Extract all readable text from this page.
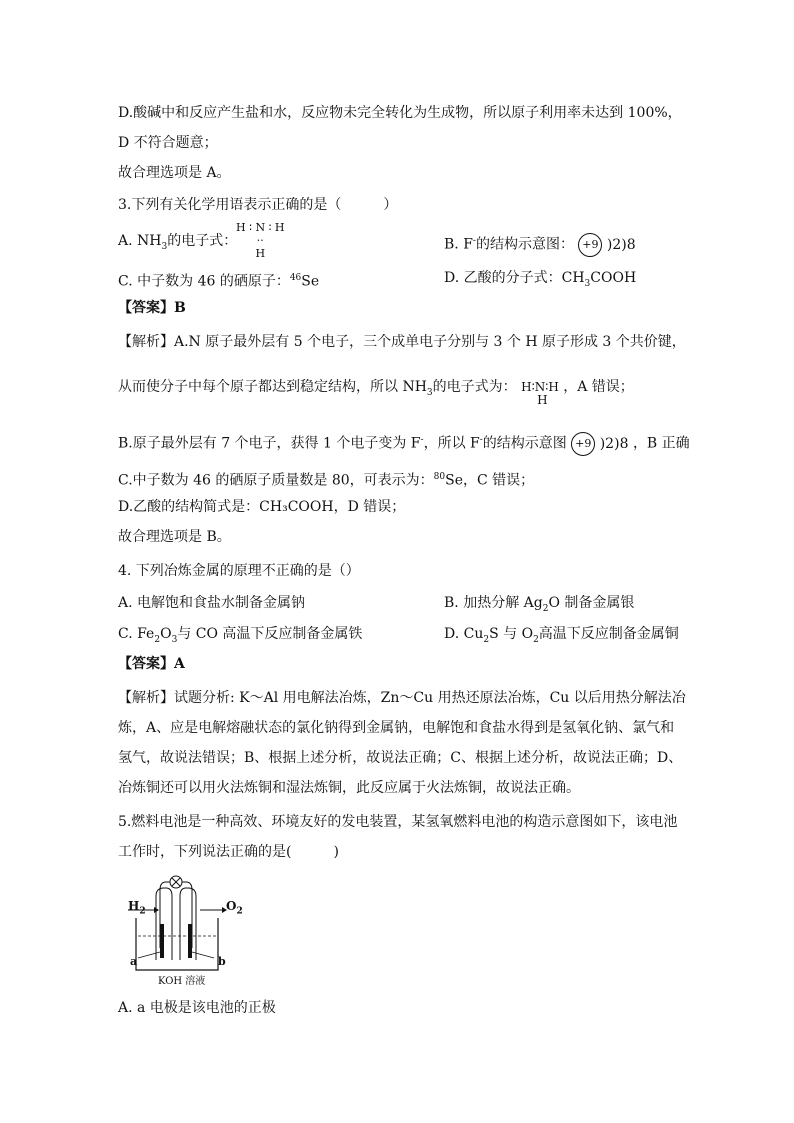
D.酸碱中和反应产生盐和水，反应物未完全转化为生成物，所以原子利用率未达到 100%，
D 不符合题意；
故合理选项是 A。
3.下列有关化学用语表示正确的是（　　　）
A. $NH_3$的电子式：
H ∶ N ∶ H
··
H
B. F-的结构示意图： +9 )2)8
C. 中子数为 46 的硒原子：$^{46}$Se	D. 乙酸的分子式：$CH_3COOH$
【答案】B
【解析】A.N 原子最外层有 5 个电子，三个成单电子分别与 3 个 H 原子形成 3 个共价键，
从而使分子中每个原子都达到稳定结构，所以 $NH_3$的电子式为： H∶N∶H
H
，A 错误；
B.原子最外层有 7 个电子，获得 1 个电子变为 F-，所以 F-的结构示意图 +9 )2)8 ，B 正确
C.中子数为 46 的硒原子质量数是 80，可表示为：$^{80}$Se，C 错误；
D.乙酸的结构简式是：CH₃COOH，D 错误；
故合理选项是 B。
4. 下列冶炼金属的原理不正确的是（）
A. 电解饱和食盐水制备金属钠	B. 加热分解 $Ag_2O$ 制备金属银
C. $Fe_2O_3$与 CO 高温下反应制备金属铁	D. $Cu_2S$ 与 $O_2$高温下反应制备金属铜
【答案】A
【解析】试题分析: K～Al 用电解法冶炼，Zn～Cu 用热还原法冶炼，Cu 以后用热分解法冶
炼，A、应是电解熔融状态的氯化钠得到金属钠，电解饱和食盐水得到是氢氧化钠、氯气和
氢气，故说法错误；B、根据上述分析，故说法正确；C、根据上述分析，故说法正确；D、
冶炼铜还可以用火法炼铜和湿法炼铜，此反应属于火法炼铜，故说法正确。
5.燃料电池是一种高效、环境友好的发电装置，某氢氧燃料电池的构造示意图如下，该电池
工作时，下列说法正确的是(　　　)
$H_2$	$O_2$
a	b
KOH 溶液
A. a 电极是该电池的正极
